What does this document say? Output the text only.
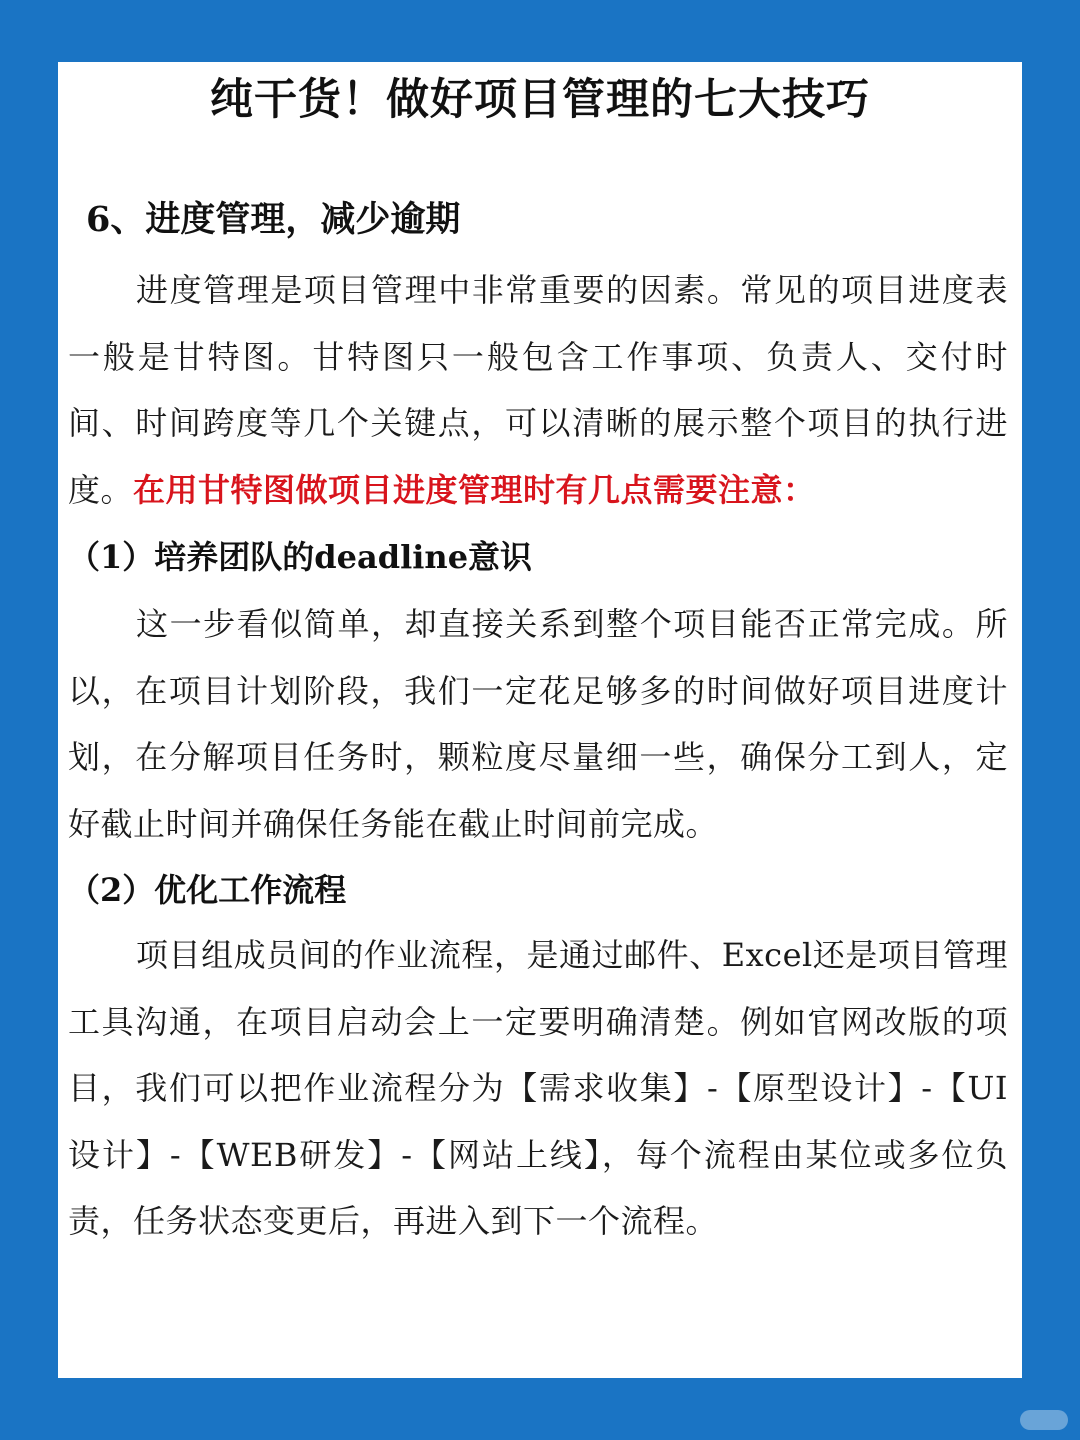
纯干货！做好项目管理的七大技巧
6、进度管理，减少逾期
进度管理是项目管理中非常重要的因素。常见的项目进度表一般是甘特图。甘特图只一般包含工作事项、负责人、交付时间、时间跨度等几个关键点，可以清晰的展示整个项目的执行进度。在用甘特图做项目进度管理时有几点需要注意：
（1）培养团队的deadline意识
这一步看似简单，却直接关系到整个项目能否正常完成。所以，在项目计划阶段，我们一定花足够多的时间做好项目进度计划，在分解项目任务时，颗粒度尽量细一些，确保分工到人，定好截止时间并确保任务能在截止时间前完成。
（2）优化工作流程
项目组成员间的作业流程，是通过邮件、Excel还是项目管理工具沟通，在项目启动会上一定要明确清楚。例如官网改版的项目，我们可以把作业流程分为【需求收集】-【原型设计】-【UI设计】-【WEB研发】-【网站上线】，每个流程由某位或多位负责，任务状态变更后，再进入到下一个流程。
